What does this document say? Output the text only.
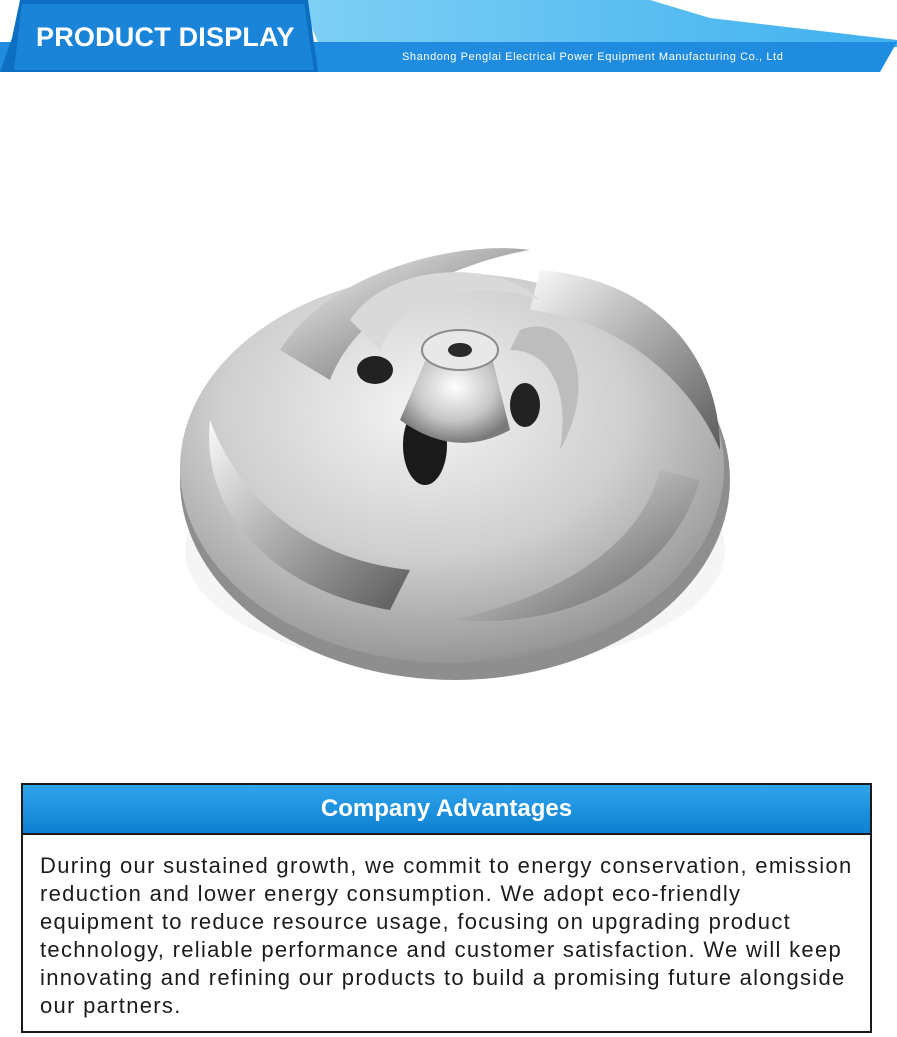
PRODUCT DISPLAY
Shandong Penglai Electrical Power Equipment Manufacturing Co., Ltd
Company Advantages
During our sustained growth, we commit to energy conservation, emission reduction and lower energy consumption. We adopt eco-friendly equipment to reduce resource usage, focusing on upgrading product technology, reliable performance and customer satisfaction. We will keep innovating and refining our products to build a promising future alongside our partners.
